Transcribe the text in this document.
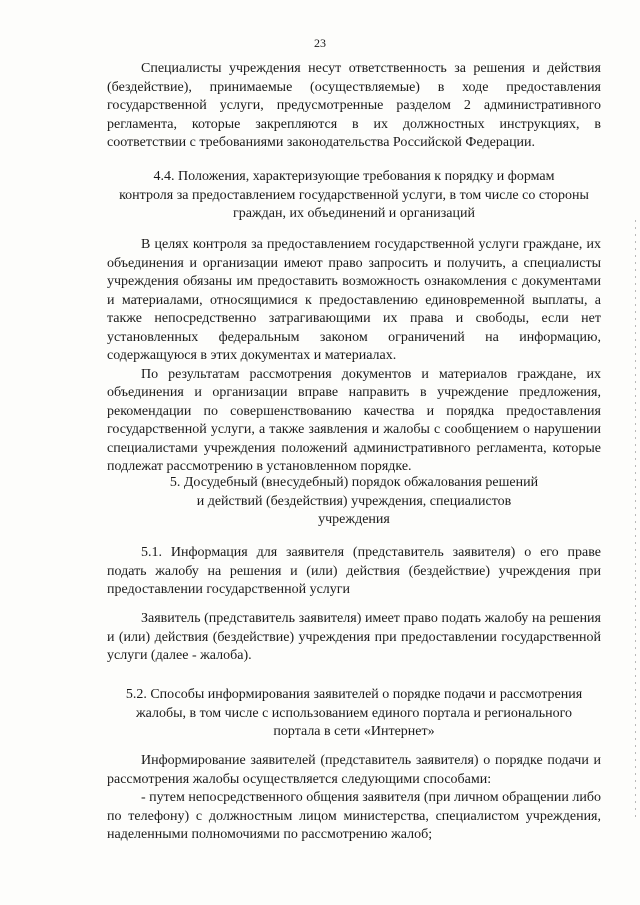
23

Специалисты учреждения несут ответственность за решения и действия (бездействие), принимаемые (осуществляемые) в ходе предоставления государственной услуги, предусмотренные разделом 2 административного регламента, которые закрепляются в их должностных инструкциях, в соответствии с требованиями законодательства Российской Федерации.

4.4. Положения, характеризующие требования к порядку и формам
контроля за предоставлением государственной услуги, в том числе со стороны граждан, их объединений и организаций

В целях контроля за предоставлением государственной услуги граждане, их объединения и организации имеют право запросить и получить, а специалисты учреждения обязаны им предоставить возможность ознакомления с документами и материалами, относящимися к предоставлению единовременной выплаты, а также непосредственно затрагивающими их права и свободы, если нет установленных федеральным законом ограничений на информацию, содержащуюся в этих документах и материалах.

По результатам рассмотрения документов и материалов граждане, их объединения и организации вправе направить в учреждение предложения, рекомендации по совершенствованию качества и порядка предоставления государственной услуги, а также заявления и жалобы с сообщением о нарушении специалистами учреждения положений административного регламента, которые подлежат рассмотрению в установленном порядке.

5. Досудебный (внесудебный) порядок обжалования решений
и действий (бездействия) учреждения, специалистов
учреждения

5.1. Информация для заявителя (представитель заявителя) о его праве подать жалобу на решения и (или) действия (бездействие) учреждения при предоставлении государственной услуги

Заявитель (представитель заявителя) имеет право подать жалобу на решения и (или) действия (бездействие) учреждения при предоставлении государственной услуги (далее - жалоба).

5.2. Способы информирования заявителей о порядке подачи и рассмотрения жалобы, в том числе с использованием единого портала и регионального портала в сети «Интернет»

Информирование заявителей (представитель заявителя) о порядке подачи и рассмотрения жалобы осуществляется следующими способами:

- путем непосредственного общения заявителя (при личном обращении либо по телефону) с должностным лицом министерства, специалистом учреждения, наделенными полномочиями по рассмотрению жалоб;
